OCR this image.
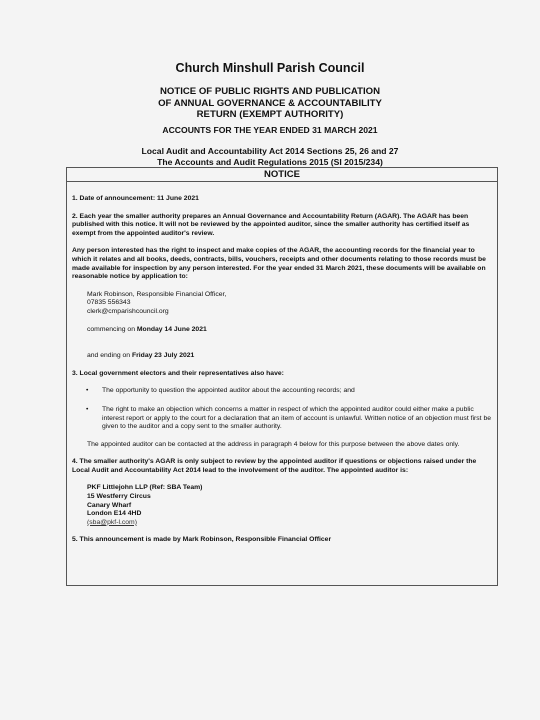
Church Minshull Parish Council
NOTICE OF PUBLIC RIGHTS AND PUBLICATION
OF ANNUAL GOVERNANCE & ACCOUNTABILITY
RETURN (EXEMPT AUTHORITY)
ACCOUNTS FOR THE YEAR ENDED 31 MARCH 2021
Local Audit and Accountability Act 2014 Sections 25, 26 and 27
The Accounts and Audit Regulations 2015 (SI 2015/234)
NOTICE

1. Date of announcement: 11 June 2021

2. Each year the smaller authority prepares an Annual Governance and Accountability Return (AGAR). The AGAR has been published with this notice. It will not be reviewed by the appointed auditor, since the smaller authority has certified itself as exempt from the appointed auditor's review.

Any person interested has the right to inspect and make copies of the AGAR, the accounting records for the financial year to which it relates and all books, deeds, contracts, bills, vouchers, receipts and other documents relating to those records must be made available for inspection by any person interested. For the year ended 31 March 2021, these documents will be available on reasonable notice by application to:

Mark Robinson, Responsible Financial Officer,

07835 556343

clerk@cmparishcouncil.org

commencing on Monday 14 June 2021

and ending on Friday 23 July 2021

3. Local government electors and their representatives also have:

• The opportunity to question the appointed auditor about the accounting records; and
• The right to make an objection which concerns a matter in respect of which the appointed auditor could either make a public interest report or apply to the court for a declaration that an item of account is unlawful. Written notice of an objection must first be given to the auditor and a copy sent to the smaller authority.

The appointed auditor can be contacted at the address in paragraph 4 below for this purpose between the above dates only.

4. The smaller authority's AGAR is only subject to review by the appointed auditor if questions or objections raised under the Local Audit and Accountability Act 2014 lead to the involvement of the auditor. The appointed auditor is:

PKF Littlejohn LLP (Ref: SBA Team)

15 Westferry Circus

Canary Wharf

London E14 4HD

(sba@pkf-l.com)

5. This announcement is made by Mark Robinson, Responsible Financial Officer
